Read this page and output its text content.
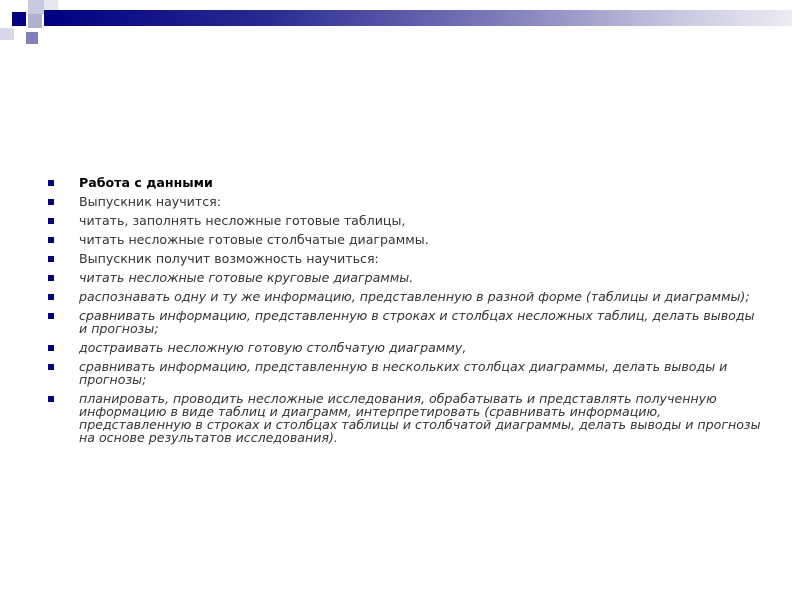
Работа с данными
Выпускник научится:
читать, заполнять несложные готовые таблицы,
читать несложные готовые столбчатые диаграммы.
Выпускник получит возможность научиться:
читать несложные готовые круговые диаграммы.
распознавать одну и ту же информацию, представленную в разной форме (таблицы и диаграммы);
сравнивать информацию, представленную в строках и столбцах несложных таблиц, делать выводы и прогнозы;
достраивать несложную готовую столбчатую диаграмму,
сравнивать информацию, представленную в нескольких столбцах диаграммы, делать выводы и прогнозы;
планировать, проводить несложные исследования, обрабатывать и представлять полученную информацию в виде таблиц и диаграмм, интерпретировать (сравнивать информацию, представленную в строках и столбцах таблицы и столбчатой диаграммы, делать выводы и прогнозы на основе результатов исследования).
